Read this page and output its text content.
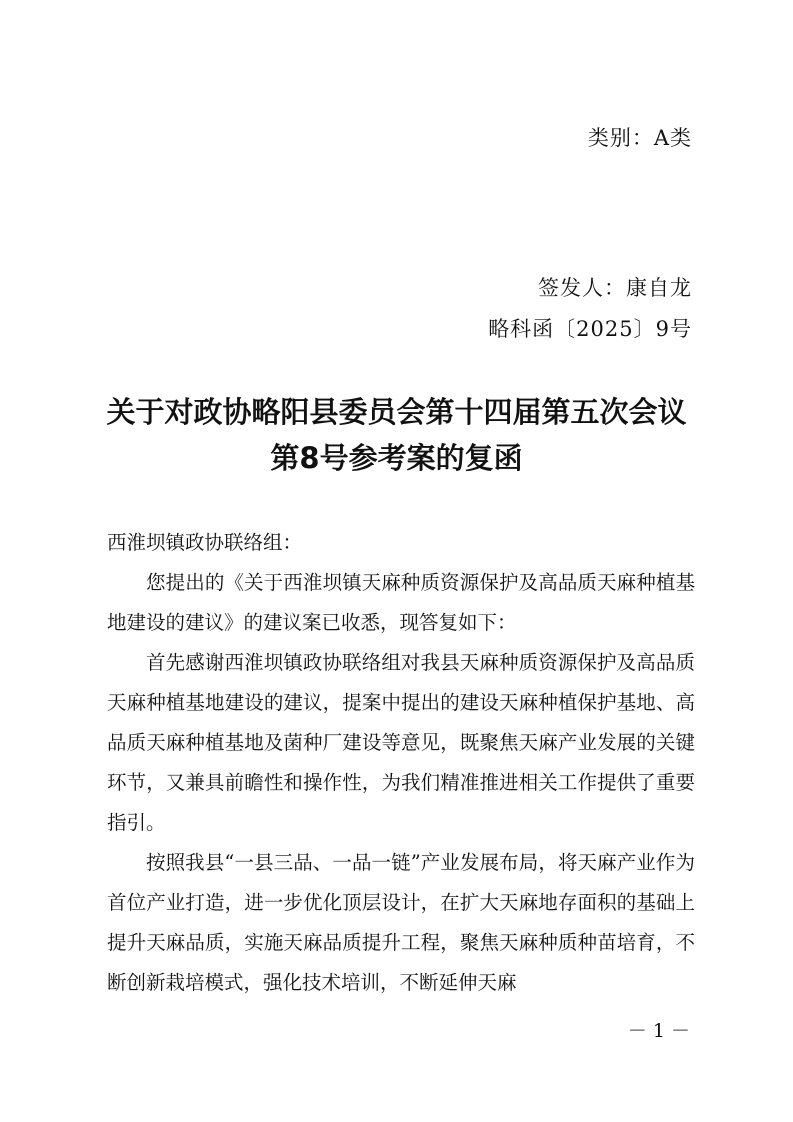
类别：A类
签发人：康自龙
略科函〔2025〕9号
关于对政协略阳县委员会第十四届第五次会议
第8号参考案的复函
西淮坝镇政协联络组：

您提出的《关于西淮坝镇天麻种质资源保护及高品质天麻种植基地建设的建议》的建议案已收悉，现答复如下：

首先感谢西淮坝镇政协联络组对我县天麻种质资源保护及高品质天麻种植基地建设的建议，提案中提出的建设天麻种植保护基地、高品质天麻种植基地及菌种厂建设等意见，既聚焦天麻产业发展的关键环节，又兼具前瞻性和操作性，为我们精准推进相关工作提供了重要指引。

按照我县“一县三品、一品一链”产业发展布局，将天麻产业作为首位产业打造，进一步优化顶层设计，在扩大天麻地存面积的基础上提升天麻品质，实施天麻品质提升工程，聚焦天麻种质种苗培育，不断创新栽培模式，强化技术培训，不断延伸天麻

－ 1 －
